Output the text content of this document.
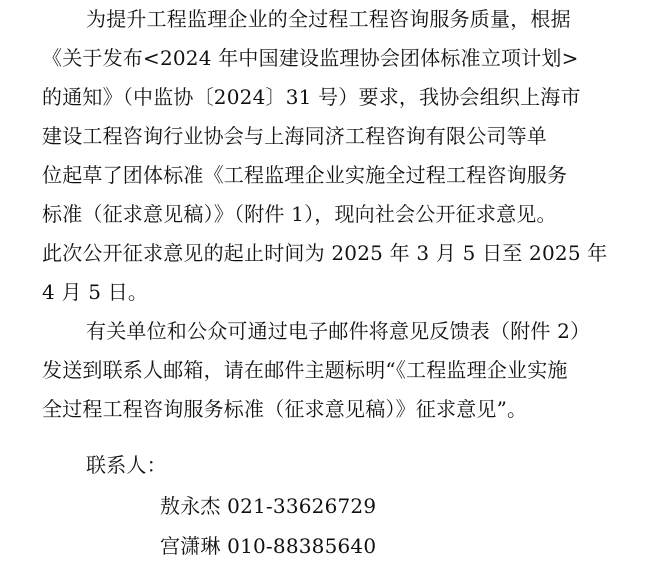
为提升工程监理企业的全过程工程咨询服务质量，根据
《关于发布<2024 年中国建设监理协会团体标准立项计划>
的通知》（中监协〔2024〕31 号）要求，我协会组织上海市
建设工程咨询行业协会与上海同济工程咨询有限公司等单
位起草了团体标准《工程监理企业实施全过程工程咨询服务
标准（征求意见稿）》（附件 1），现向社会公开征求意见。
此次公开征求意见的起止时间为 2025 年 3 月 5 日至 2025 年
4 月 5 日。
有关单位和公众可通过电子邮件将意见反馈表（附件 2）
发送到联系人邮箱，请在邮件主题标明“《工程监理企业实施
全过程工程咨询服务标准（征求意见稿）》征求意见”。
联系人：
敖永杰 021-33626729
宫潇琳 010-88385640
